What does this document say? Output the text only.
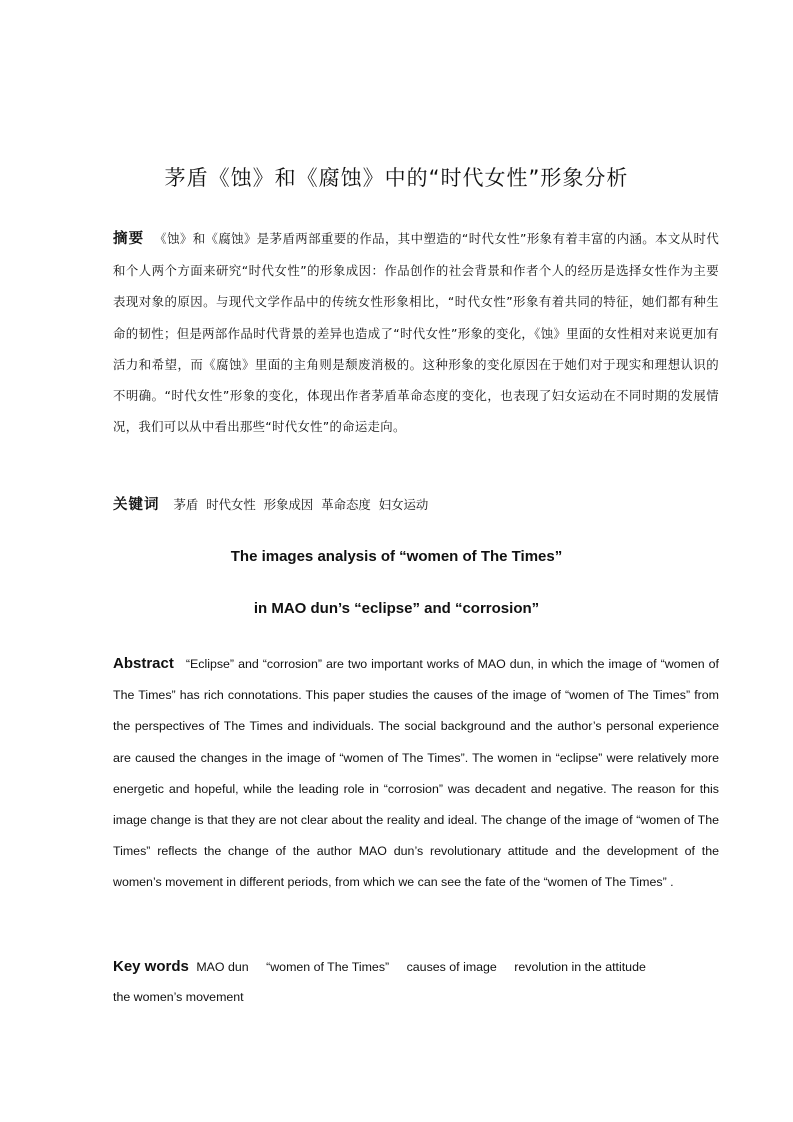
茅盾《蚀》和《腐蚀》中的“时代女性”形象分析

摘要 《蚀》和《腐蚀》是茅盾两部重要的作品，其中塑造的“时代女性”形象有着丰富的内涵。本文从时代和个人两个方面来研究“时代女性”的形象成因：作品创作的社会背景和作者个人的经历是选择女性作为主要表现对象的原因。与现代文学作品中的传统女性形象相比，“时代女性”形象有着共同的特征，她们都有种生命的韧性；但是两部作品时代背景的差异也造成了“时代女性”形象的变化，《蚀》里面的女性相对来说更加有活力和希望，而《腐蚀》里面的主角则是颓废消极的。这种形象的变化原因在于她们对于现实和理想认识的不明确。“时代女性”形象的变化，体现出作者茅盾革命态度的变化，也表现了妇女运动在不同时期的发展情况，我们可以从中看出那些“时代女性”的命运走向。

关键词 茅盾 时代女性 形象成因 革命态度 妇女运动

The images analysis of “women of The Times”
in MAO dun’s “eclipse” and “corrosion”

Abstract “Eclipse” and “corrosion” are two important works of MAO dun, in which the image of “women of The Times” has rich connotations. This paper studies the causes of the image of “women of The Times” from the perspectives of The Times and individuals. The social background and the author’s personal experience are caused the changes in the image of “women of The Times”. The women in “eclipse” were relatively more energetic and hopeful, while the leading role in “corrosion” was decadent and negative. The reason for this image change is that they are not clear about the reality and ideal. The change of the image of “women of The Times” reflects the change of the author MAO dun’s revolutionary attitude and the development of the women’s movement in different periods, from which we can see the fate of the “women of The Times” .

Key words MAO dun “women of The Times” causes of image revolution in the attitude
the women’s movement
